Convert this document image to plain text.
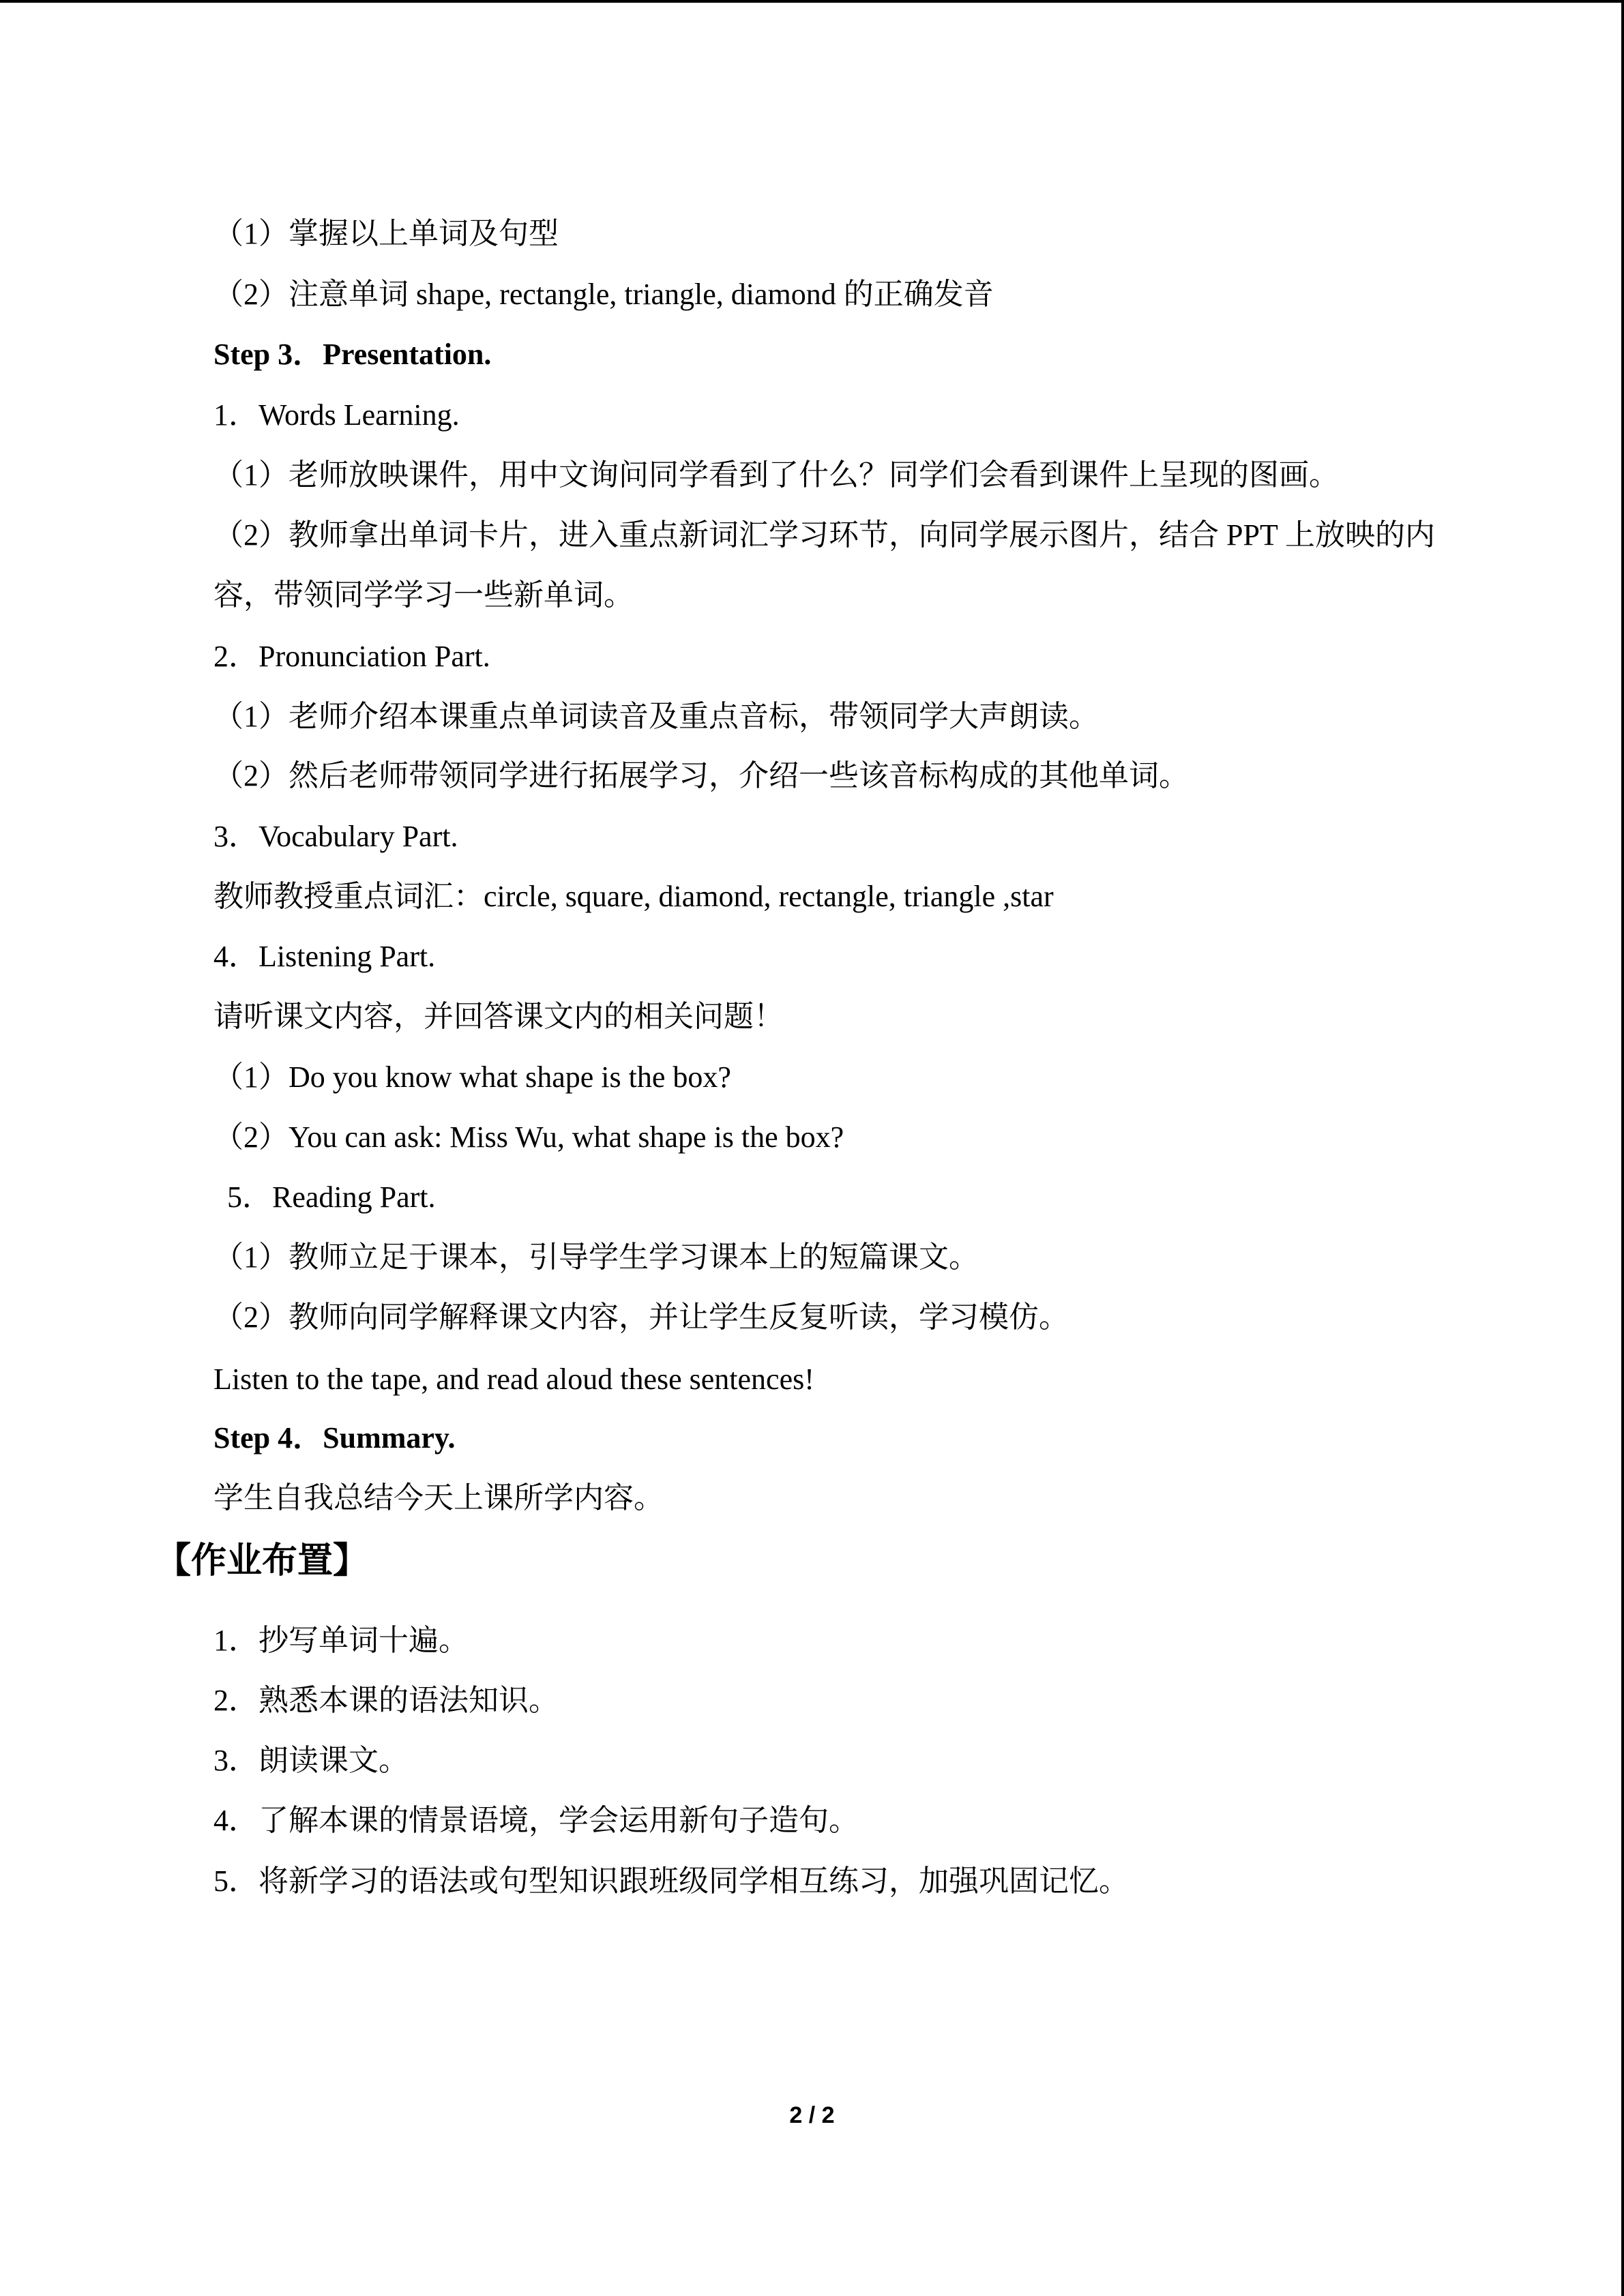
（1）掌握以上单词及句型
（2）注意单词 shape, rectangle, triangle, diamond 的正确发音
Step 3．Presentation.
1．Words Learning.
（1）老师放映课件，用中文询问同学看到了什么？同学们会看到课件上呈现的图画。
（2）教师拿出单词卡片，进入重点新词汇学习环节，向同学展示图片，结合 PPT 上放映的内容，带领同学学习一些新单词。
2．Pronunciation Part.
（1）老师介绍本课重点单词读音及重点音标，带领同学大声朗读。
（2）然后老师带领同学进行拓展学习，介绍一些该音标构成的其他单词。
3．Vocabulary Part.
教师教授重点词汇：circle, square, diamond, rectangle, triangle ,star
4．Listening Part.
请听课文内容，并回答课文内的相关问题！
（1）Do you know what shape is the box?
（2）You can ask: Miss Wu, what shape is the box?
5．Reading Part.
（1）教师立足于课本，引导学生学习课本上的短篇课文。
（2）教师向同学解释课文内容，并让学生反复听读，学习模仿。
Listen to the tape, and read aloud these sentences!
Step 4．Summary.
学生自我总结今天上课所学内容。
【作业布置】
1．抄写单词十遍。
2．熟悉本课的语法知识。
3．朗读课文。
4．了解本课的情景语境，学会运用新句子造句。
5．将新学习的语法或句型知识跟班级同学相互练习，加强巩固记忆。
2 / 2
